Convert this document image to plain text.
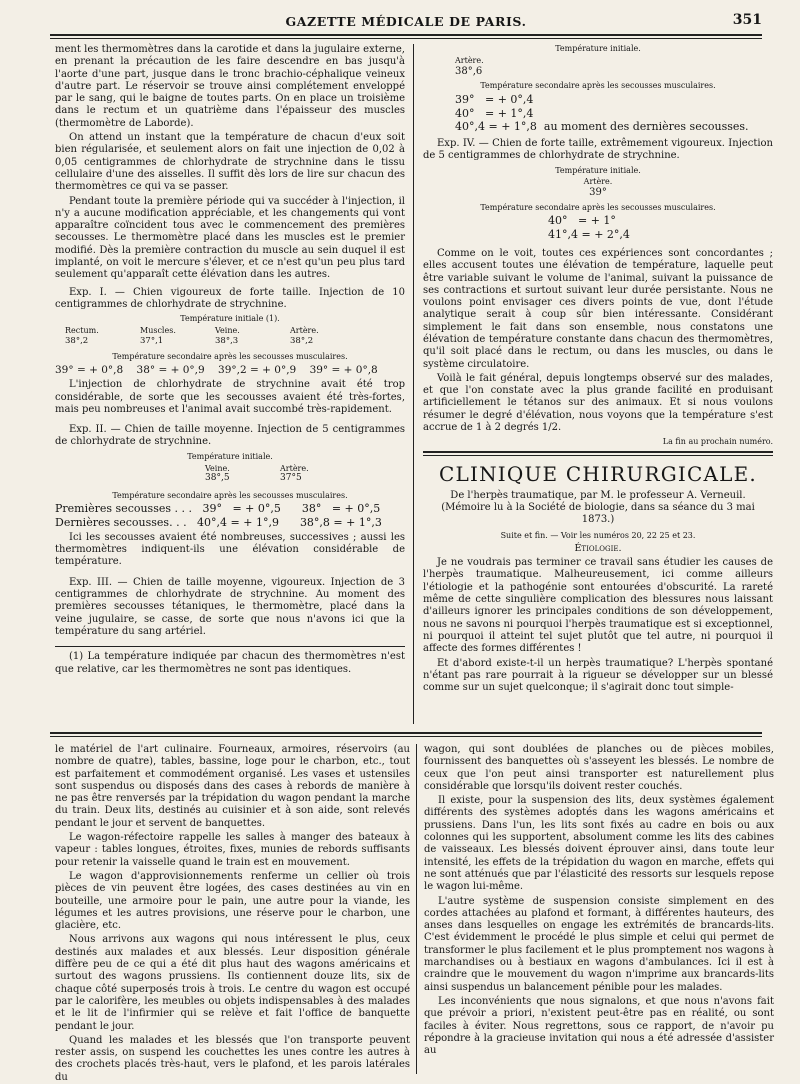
GAZETTE MÉDICALE DE PARIS.	351

ment les thermomètres dans la carotide et dans la jugulaire externe, en prenant la précaution de les faire descendre en bas jusqu'à l'aorte d'une part, jusque dans le tronc brachio-céphalique veineux d'autre part. Le réservoir se trouve ainsi complétement enveloppé par le sang, qui le baigne de toutes parts. On en place un troisième dans le rectum et un quatrième dans l'épaisseur des muscles (thermomètre de Laborde).

On attend un instant que la température de chacun d'eux soit bien régularisée, et seulement alors on fait une injection de 0,02 à 0,05 centigrammes de chlorhydrate de strychnine dans le tissu cellulaire d'une des aisselles. Il suffit dès lors de lire sur chacun des thermomètres ce qui va se passer.

Pendant toute la première période qui va succéder à l'injection, il n'y a aucune modification appréciable, et les changements qui vont apparaître coïncident tous avec le commencement des premières secousses. Le thermomètre placé dans les muscles est le premier modifié. Dès la première contraction du muscle au sein duquel il est implanté, on voit le mercure s'élever, et ce n'est qu'un peu plus tard seulement qu'apparaît cette élévation dans les autres.

Exp. I. — Chien vigoureux de forte taille. Injection de 10 centigrammes de chlorhydrate de strychnine.

Température initiale (1).
Rectum.	Muscles.	Veine.	Artère.
38°,2	37°,1	38°,3	38°,2
Température secondaire après les secousses musculaires.
39° = + 0°,8    38° = + 0°,9    39°,2 = + 0°,9    39° = + 0°,8

L'injection de chlorhydrate de strychnine avait été trop considérable, de sorte que les secousses avaient été très-fortes, mais peu nombreuses et l'animal avait succombé très-rapidement.

Exp. II. — Chien de taille moyenne. Injection de 5 centigrammes de chlorhydrate de strychnine.

Température initiale.
Veine.	Artère.
38°,5	37°5
Température secondaire après les secousses musculaires.
Premières secousses . . .   39°   = + 0°,5      38°   = + 0°,5
Dernières secousses. . .   40°,4 = + 1°,9      38°,8 = + 1°,3

Ici les secousses avaient été nombreuses, successives ; aussi les thermomètres indiquent-ils une élévation considérable de température.

Exp. III. — Chien de taille moyenne, vigoureux. Injection de 3 centigrammes de chlorhydrate de strychnine. Au moment des premières secousses tétaniques, le thermomètre, placé dans la veine jugulaire, se casse, de sorte que nous n'avons ici que la température du sang artériel.

(1) La température indiquée par chacun des thermomètres n'est que relative, car les thermomètres ne sont pas identiques.

Température initiale.
Artère.
38°,6
Température secondaire après les secousses musculaires.
39°   = + 0°,4
40°   = + 1°,4
40°,4 = + 1°,8  au moment des dernières secousses.

Exp. IV. — Chien de forte taille, extrêmement vigoureux. Injection de 5 centigrammes de chlorhydrate de strychnine.

Température initiale.
Artère.
39°
Température secondaire après les secousses musculaires.
40°   = + 1°
41°,4 = + 2°,4

Comme on le voit, toutes ces expériences sont concordantes ; elles accusent toutes une élévation de température, laquelle peut être variable suivant le volume de l'animal, suivant la puissance de ses contractions et surtout suivant leur durée persistante. Nous ne voulons point envisager ces divers points de vue, dont l'étude analytique serait à coup sûr bien intéressante. Considérant simplement le fait dans son ensemble, nous constatons une élévation de température constante dans chacun des thermomètres, qu'il soit placé dans le rectum, ou dans les muscles, ou dans le système circulatoire.

Voilà le fait général, depuis longtemps observé sur des malades, et que l'on constate avec la plus grande facilité en produisant artificiellement le tétanos sur des animaux. Et si nous voulons résumer le degré d'élévation, nous voyons que la température s'est accrue de 1 à 2 degrés 1/2.

La fin au prochain numéro.
CLINIQUE CHIRURGICALE.

De l'herpès traumatique, par M. le professeur A. Verneuil. (Mémoire lu à la Société de biologie, dans sa séance du 3 mai 1873.)

Suite et fin. — Voir les numéros 20, 22 25 et 23.
Étiologie.

Je ne voudrais pas terminer ce travail sans étudier les causes de l'herpès traumatique. Malheureusement, ici comme ailleurs l'étiologie et la pathogénie sont entourées d'obscurité. La rareté même de cette singulière complication des blessures nous laissant d'ailleurs ignorer les principales conditions de son développement, nous ne savons ni pourquoi l'herpès traumatique est si exceptionnel, ni pourquoi il atteint tel sujet plutôt que tel autre, ni pourquoi il affecte des formes différentes !

Et d'abord existe-t-il un herpès traumatique? L'herpès spontané n'étant pas rare pourrait à la rigueur se développer sur un blessé comme sur un sujet quelconque; il s'agirait donc tout simple-

le matériel de l'art culinaire. Fourneaux, armoires, réservoirs (au nombre de quatre), tables, bassine, loge pour le charbon, etc., tout est parfaitement et commodément organisé. Les vases et ustensiles sont suspendus ou disposés dans des cases à rebords de manière à ne pas être renversés par la trépidation du wagon pendant la marche du train. Deux lits, destinés au cuisinier et à son aide, sont relevés pendant le jour et servent de banquettes.

Le wagon-réfectoire rappelle les salles à manger des bateaux à vapeur : tables longues, étroites, fixes, munies de rebords suffisants pour retenir la vaisselle quand le train est en mouvement.

Le wagon d'approvisionnements renferme un cellier où trois pièces de vin peuvent être logées, des cases destinées au vin en bouteille, une armoire pour le pain, une autre pour la viande, les légumes et les autres provisions, une réserve pour le charbon, une glacière, etc.

Nous arrivons aux wagons qui nous intéressent le plus, ceux destinés aux malades et aux blessés. Leur disposition générale diffère peu de ce qui a été dit plus haut des wagons américains et surtout des wagons prussiens. Ils contiennent douze lits, six de chaque côté superposés trois à trois. Le centre du wagon est occupé par le calorifère, les meubles ou objets indispensables à des malades et le lit de l'infirmier qui se relève et fait l'office de banquette pendant le jour.

Quand les malades et les blessés que l'on transporte peuvent rester assis, on suspend les couchettes les unes contre les autres à des crochets placés très-haut, vers le plafond, et les parois latérales du

wagon, qui sont doublées de planches ou de pièces mobiles, fournissent des banquettes où s'asseyent les blessés. Le nombre de ceux que l'on peut ainsi transporter est naturellement plus considérable que lorsqu'ils doivent rester couchés.

Il existe, pour la suspension des lits, deux systèmes également différents des systèmes adoptés dans les wagons américains et prussiens. Dans l'un, les lits sont fixés au cadre en bois ou aux colonnes qui les supportent, absolument comme les lits des cabines de vaisseaux. Les blessés doivent éprouver ainsi, dans toute leur intensité, les effets de la trépidation du wagon en marche, effets qui ne sont atténués que par l'élasticité des ressorts sur lesquels repose le wagon lui-même.

L'autre système de suspension consiste simplement en des cordes attachées au plafond et formant, à différentes hauteurs, des anses dans lesquelles on engage les extrémités de brancards-lits. C'est évidemment le procédé le plus simple et celui qui permet de transformer le plus facilement et le plus promptement nos wagons à marchandises ou à bestiaux en wagons d'ambulances. Ici il est à craindre que le mouvement du wagon n'imprime aux brancards-lits ainsi suspendus un balancement pénible pour les malades.

Les inconvénients que nous signalons, et que nous n'avons fait que prévoir a priori, n'existent peut-être pas en réalité, ou sont faciles à éviter. Nous regrettons, sous ce rapport, de n'avoir pu répondre à la gracieuse invitation qui nous a été adressée d'assister au
